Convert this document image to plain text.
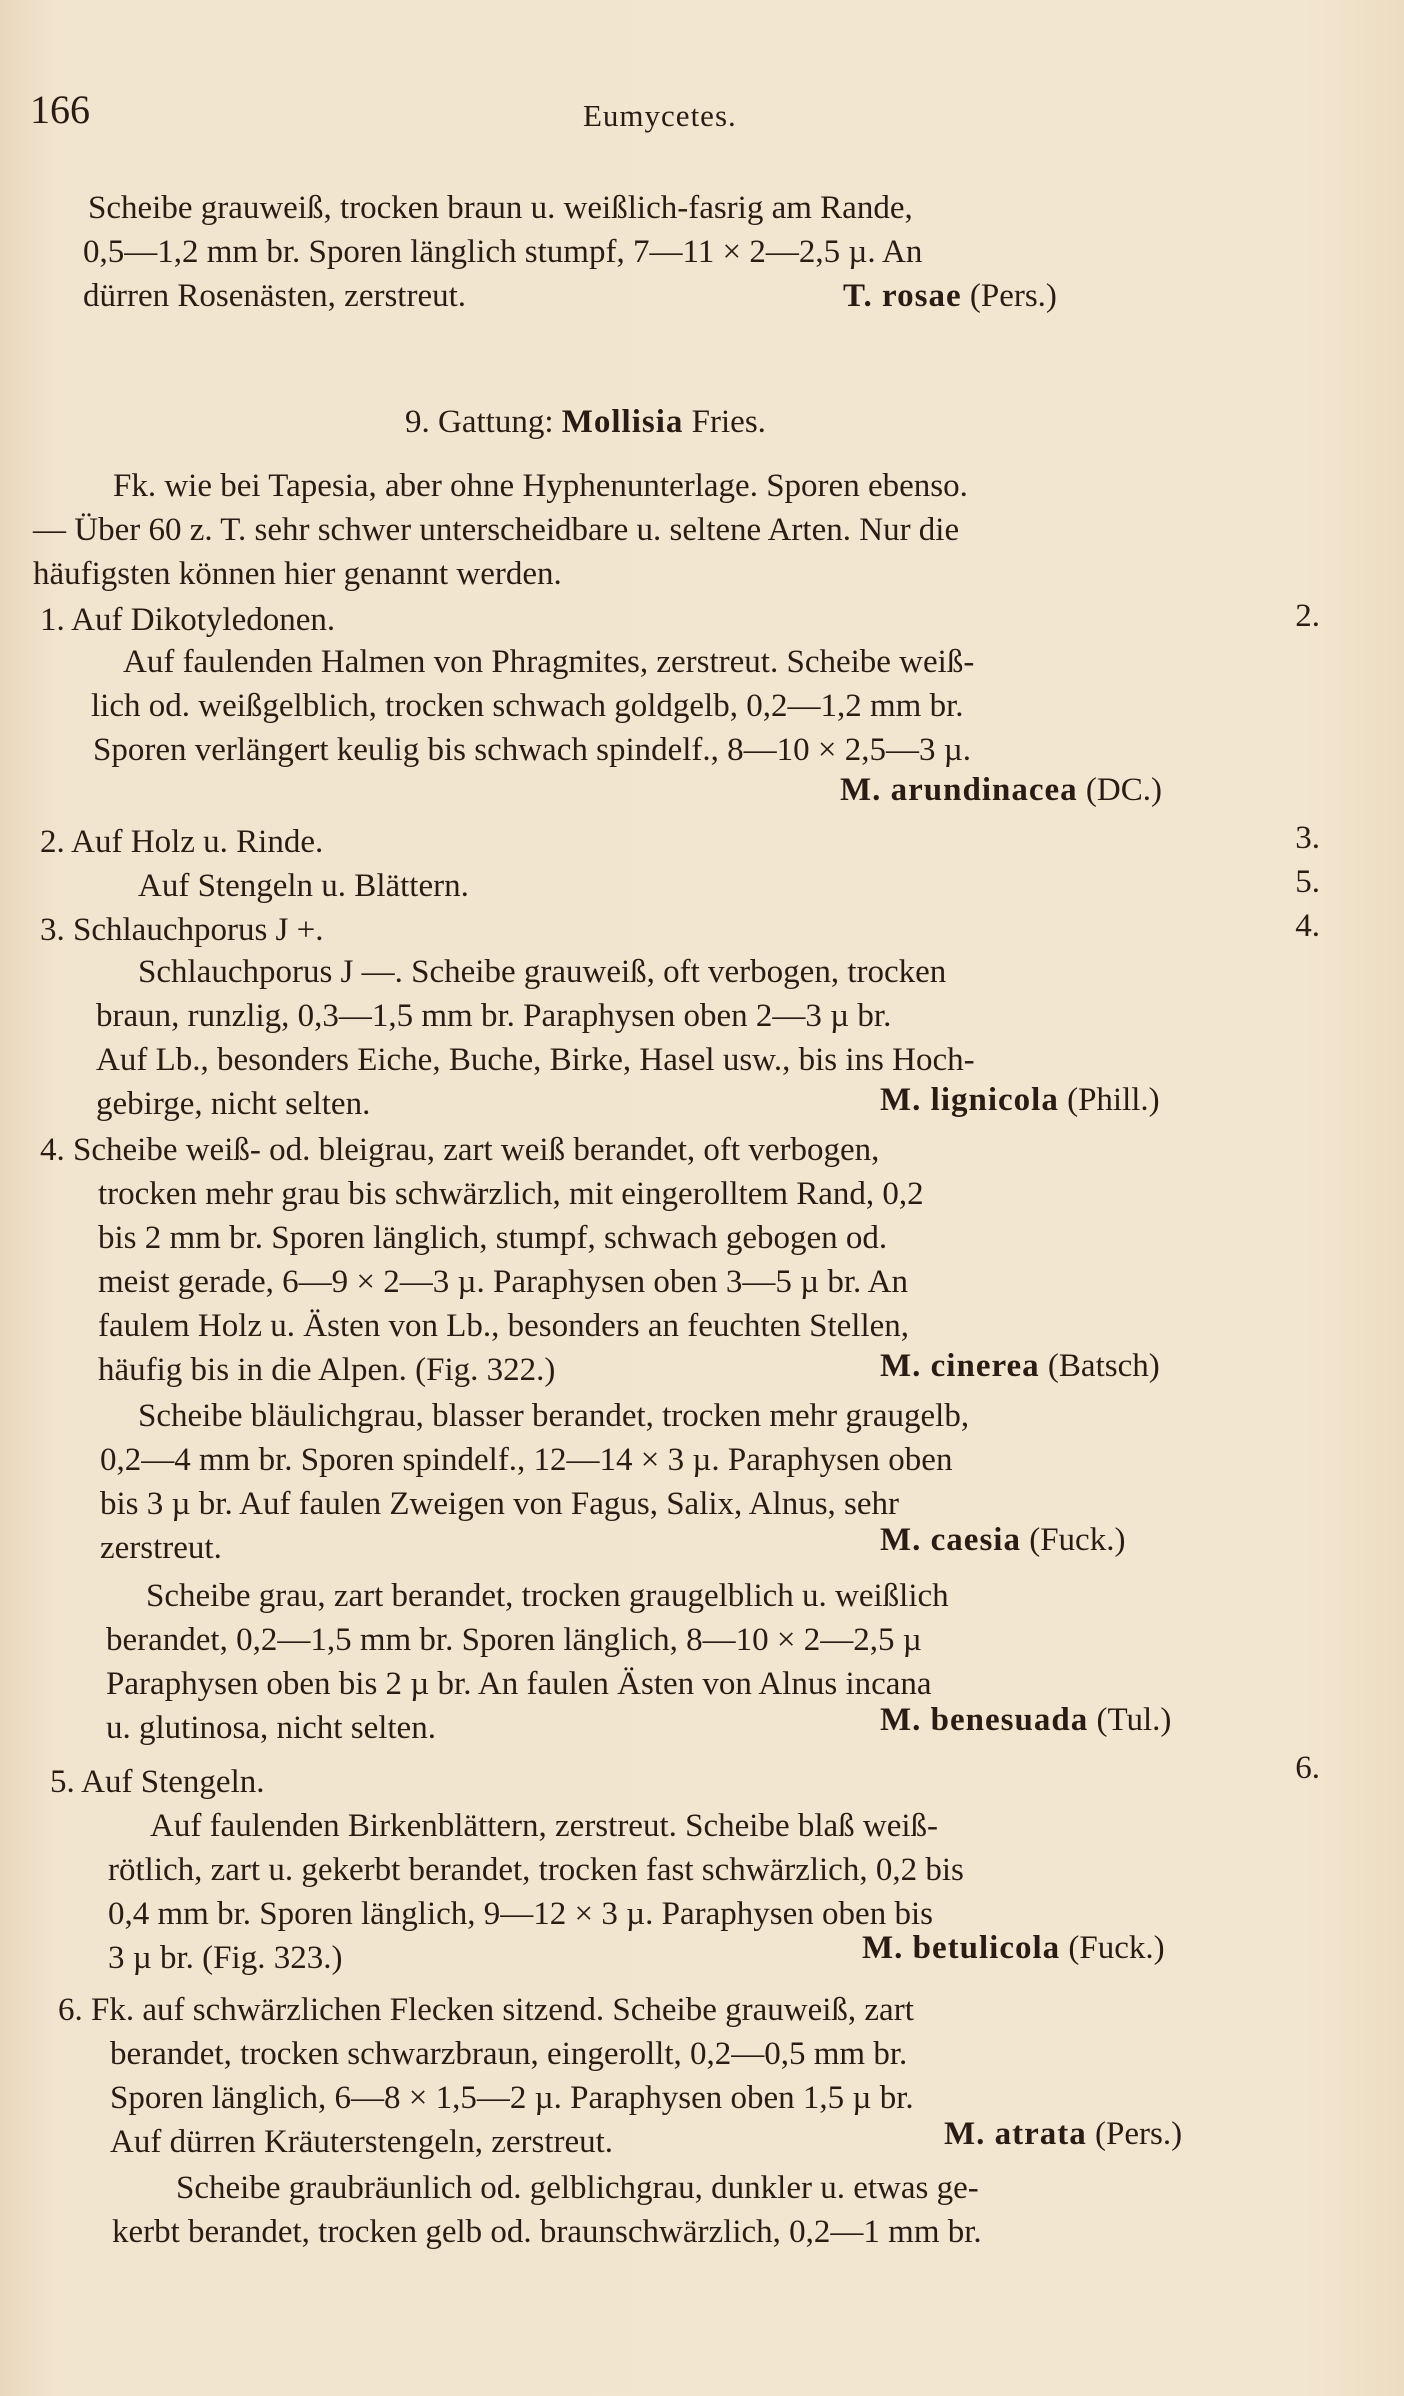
166	Eumycetes.
Scheibe grauweiß, trocken braun u. weißlich-fasrig am Rande,
0,5—1,2 mm br. Sporen länglich stumpf, 7—11 × 2—2,5 µ. An
dürren Rosenästen, zerstreut.	T. rosae (Pers.)
9. Gattung: Mollisia Fries.
Fk. wie bei Tapesia, aber ohne Hyphenunterlage. Sporen ebenso.
— Über 60 z. T. sehr schwer unterscheidbare u. seltene Arten. Nur die
häufigsten können hier genannt werden.
1. Auf Dikotyledonen.	2.
Auf faulenden Halmen von Phragmites, zerstreut. Scheibe weiß-
lich od. weißgelblich, trocken schwach goldgelb, 0,2—1,2 mm br.
Sporen verlängert keulig bis schwach spindelf., 8—10 × 2,5—3 µ.
M. arundinacea (DC.)
2. Auf Holz u. Rinde.	3.
Auf Stengeln u. Blättern.	5.
3. Schlauchporus J +.	4.
Schlauchporus J —. Scheibe grauweiß, oft verbogen, trocken
braun, runzlig, 0,3—1,5 mm br. Paraphysen oben 2—3 µ br.
Auf Lb., besonders Eiche, Buche, Birke, Hasel usw., bis ins Hoch-
gebirge, nicht selten.	M. lignicola (Phill.)
4. Scheibe weiß- od. bleigrau, zart weiß berandet, oft verbogen,
trocken mehr grau bis schwärzlich, mit eingerolltem Rand, 0,2
bis 2 mm br. Sporen länglich, stumpf, schwach gebogen od.
meist gerade, 6—9 × 2—3 µ. Paraphysen oben 3—5 µ br. An
faulem Holz u. Ästen von Lb., besonders an feuchten Stellen,
häufig bis in die Alpen. (Fig. 322.)	M. cinerea (Batsch)
Scheibe bläulichgrau, blasser berandet, trocken mehr graugelb,
0,2—4 mm br. Sporen spindelf., 12—14 × 3 µ. Paraphysen oben
bis 3 µ br. Auf faulen Zweigen von Fagus, Salix, Alnus, sehr
zerstreut.	M. caesia (Fuck.)
Scheibe grau, zart berandet, trocken graugelblich u. weißlich
berandet, 0,2—1,5 mm br. Sporen länglich, 8—10 × 2—2,5 µ
Paraphysen oben bis 2 µ br. An faulen Ästen von Alnus incana
u. glutinosa, nicht selten.	M. benesuada (Tul.)
5. Auf Stengeln.	6.
Auf faulenden Birkenblättern, zerstreut. Scheibe blaß weiß-
rötlich, zart u. gekerbt berandet, trocken fast schwärzlich, 0,2 bis
0,4 mm br. Sporen länglich, 9—12 × 3 µ. Paraphysen oben bis
3 µ br. (Fig. 323.)	M. betulicola (Fuck.)
6. Fk. auf schwärzlichen Flecken sitzend. Scheibe grauweiß, zart
berandet, trocken schwarzbraun, eingerollt, 0,2—0,5 mm br.
Sporen länglich, 6—8 × 1,5—2 µ. Paraphysen oben 1,5 µ br.
Auf dürren Kräuterstengeln, zerstreut.	M. atrata (Pers.)
Scheibe graubräunlich od. gelblichgrau, dunkler u. etwas ge-
kerbt berandet, trocken gelb od. braunschwärzlich, 0,2—1 mm br.
